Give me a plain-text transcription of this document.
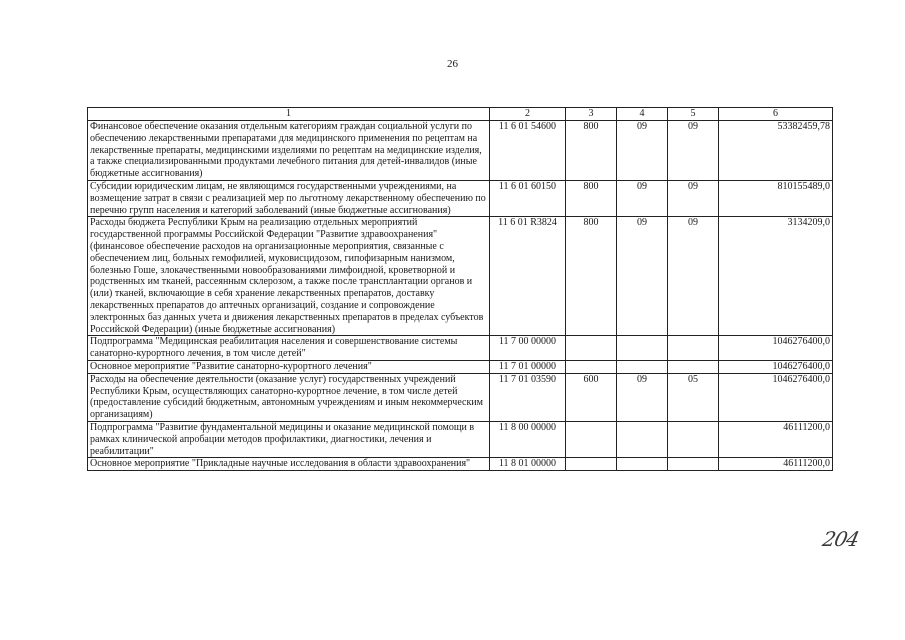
26
1	2	3	4	5	6
Финансовое обеспечение оказания отдельным категориям граждан социальной услуги по обеспечению лекарственными препаратами для медицинского применения по рецептам на лекарственные препараты, медицинскими изделиями по рецептам на медицинские изделия, а также специализированными продуктами лечебного питания для детей-инвалидов (иные бюджетные ассигнования)	11 6 01 54600	800	09	09	53382459,78
Субсидии юридическим лицам, не являющимся государственными учреждениями, на возмещение затрат в связи с реализацией мер по льготному лекарственному обеспечению по перечню групп населения и категорий заболеваний (иные бюджетные ассигнования)	11 6 01 60150	800	09	09	810155489,0
Расходы бюджета Республики Крым на реализацию отдельных мероприятий государственной программы Российской Федерации "Развитие здравоохранения" (финансовое обеспечение расходов на организационные мероприятия, связанные с обеспечением лиц, больных гемофилией, муковисцидозом, гипофизарным нанизмом, болезнью Гоше, злокачественными новообразованиями лимфоидной, кроветворной и родственных им тканей, рассеянным склерозом, а также после трансплантации органов и (или) тканей, включающие в себя хранение лекарственных препаратов, доставку лекарственных препаратов до аптечных организаций, создание и сопровождение электронных баз данных учета и движения лекарственных препаратов в пределах субъектов Российской Федерации) (иные бюджетные ассигнования)	11 6 01 R3824	800	09	09	3134209,0
Подпрограмма "Медицинская реабилитация населения и совершенствование системы санаторно-курортного лечения, в том числе детей"	11 7 00 00000				1046276400,0
Основное мероприятие "Развитие санаторно-курортного лечения"	11 7 01 00000				1046276400,0
Расходы на обеспечение деятельности (оказание услуг) государственных учреждений Республики Крым, осуществляющих санаторно-курортное лечение, в том числе детей (предоставление субсидий бюджетным, автономным учреждениям и иным некоммерческим организациям)	11 7 01 03590	600	09	05	1046276400,0
Подпрограмма "Развитие фундаментальной медицины и оказание медицинской помощи в рамках клинической апробации методов профилактики, диагностики, лечения и реабилитации"	11 8 00 00000				46111200,0
Основное мероприятие "Прикладные научные исследования в области здравоохранения"	11 8 01 00000				46111200,0
204
